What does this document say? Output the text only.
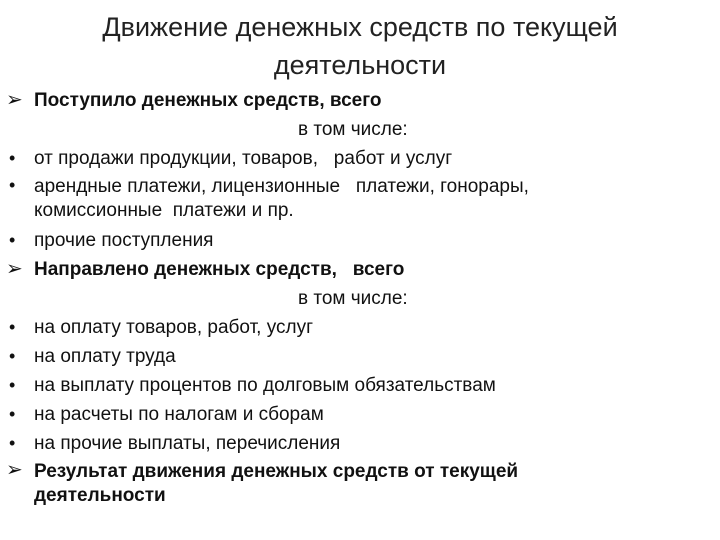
Движение денежных средств по текущей
деятельности
➢ Поступило денежных средств, всего
в том числе:
• от продажи продукции, товаров,   работ и услуг
• арендные платежи, лицензионные   платежи, гонорары,
комиссионные  платежи и пр.
• прочие поступления
➢ Направлено денежных средств,   всего
в том числе:
• на оплату товаров, работ, услуг
• на оплату труда
• на выплату процентов по долговым обязательствам
• на расчеты по налогам и сборам
• на прочие выплаты, перечисления
➢ Результат движения денежных средств от текущей
деятельности
